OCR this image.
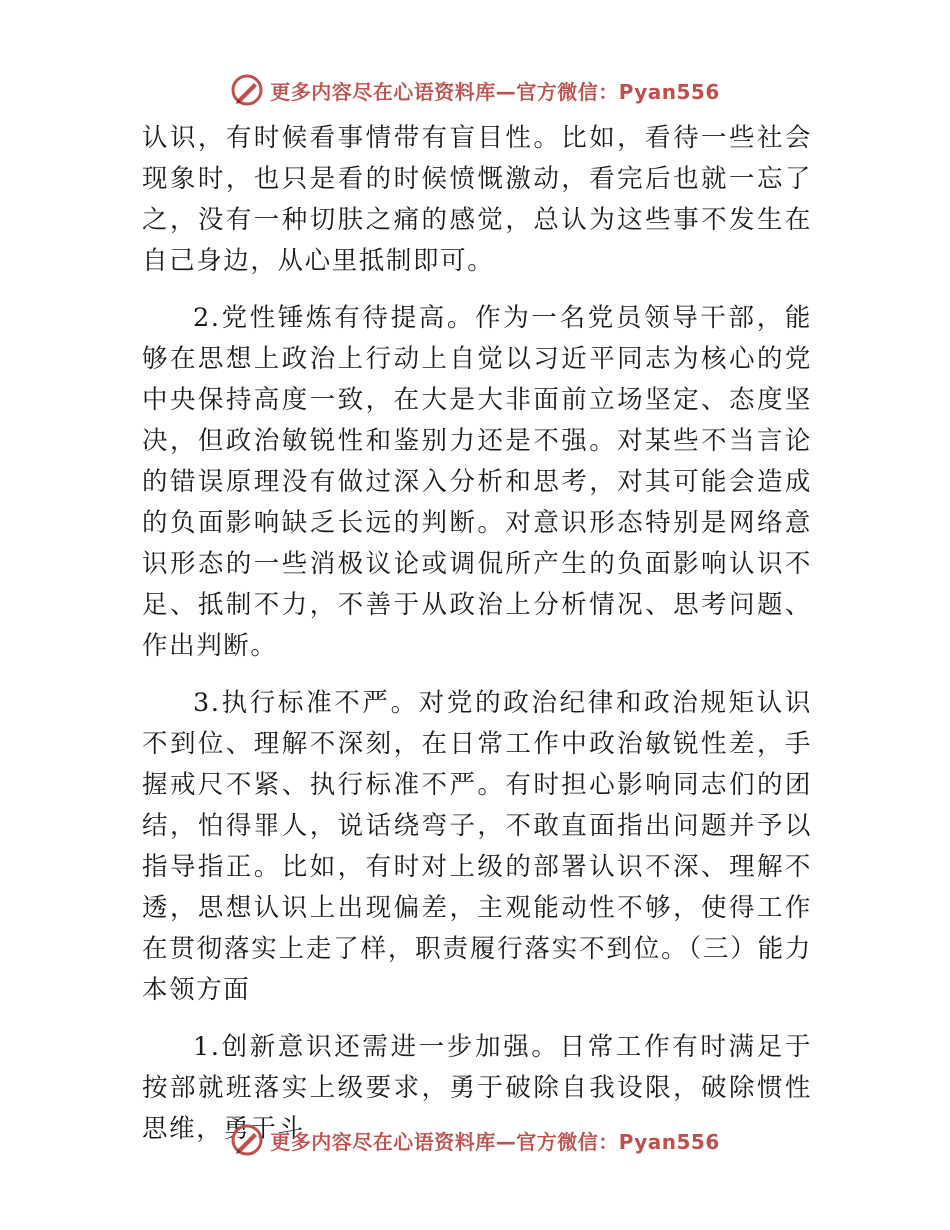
更多内容尽在心语资料库—官方微信：Pyan556

认识，有时候看事情带有盲目性。比如，看待一些社会现象时，也只是看的时候愤慨激动，看完后也就一忘了之，没有一种切肤之痛的感觉，总认为这些事不发生在自己身边，从心里抵制即可。

2.党性锤炼有待提高。作为一名党员领导干部，能够在思想上政治上行动上自觉以习近平同志为核心的党中央保持高度一致，在大是大非面前立场坚定、态度坚决，但政治敏锐性和鉴别力还是不强。对某些不当言论的错误原理没有做过深入分析和思考，对其可能会造成的负面影响缺乏长远的判断。对意识形态特别是网络意识形态的一些消极议论或调侃所产生的负面影响认识不足、抵制不力，不善于从政治上分析情况、思考问题、作出判断。

3.执行标准不严。对党的政治纪律和政治规矩认识不到位、理解不深刻，在日常工作中政治敏锐性差，手握戒尺不紧、执行标准不严。有时担心影响同志们的团结，怕得罪人，说话绕弯子，不敢直面指出问题并予以指导指正。比如，有时对上级的部署认识不深、理解不透，思想认识上出现偏差，主观能动性不够，使得工作在贯彻落实上走了样，职责履行落实不到位。（三）能力本领方面

1.创新意识还需进一步加强。日常工作有时满足于按部就班落实上级要求，勇于破除自我设限，破除惯性思维，勇于斗

更多内容尽在心语资料库—官方微信：Pyan556
